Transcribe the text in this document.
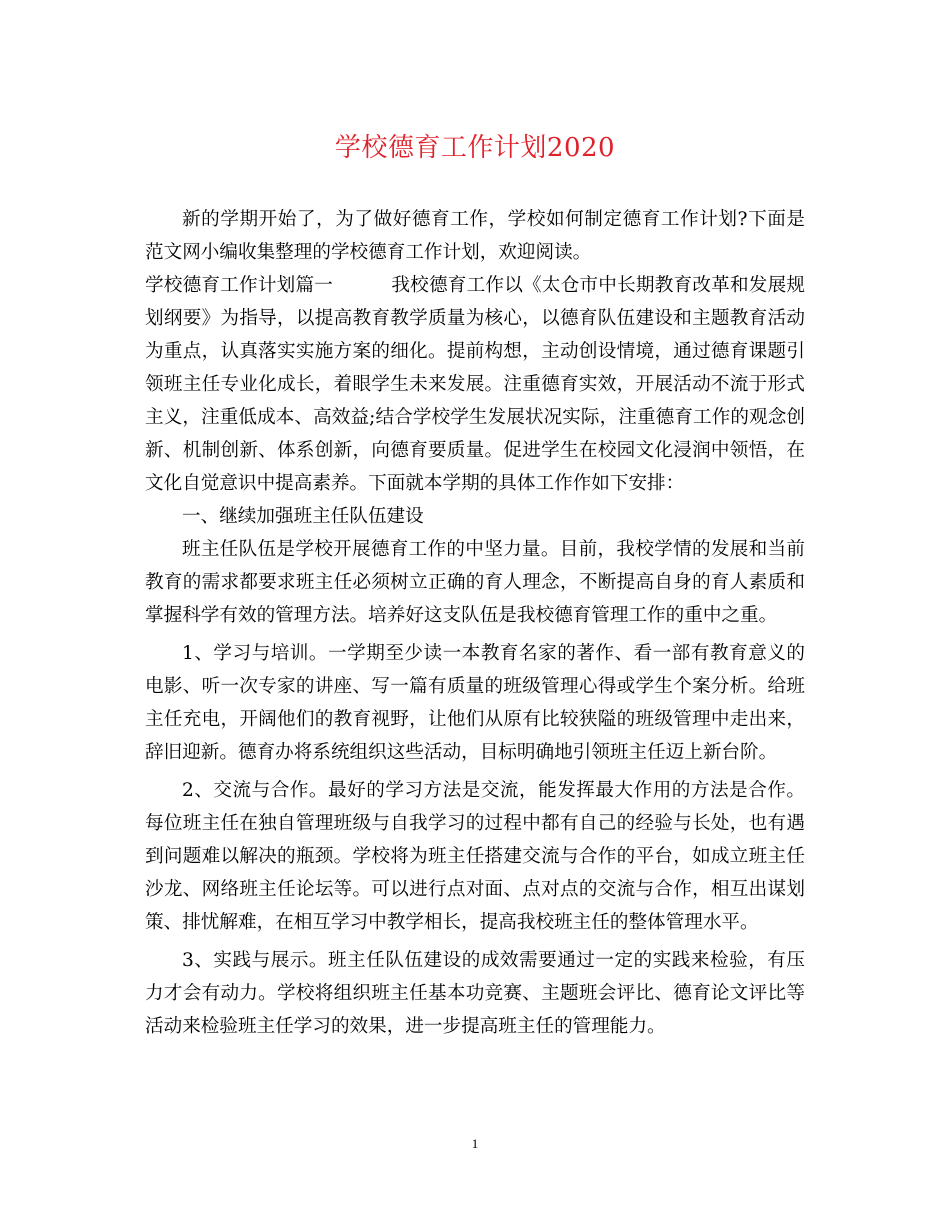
学校德育工作计划2020

新的学期开始了，为了做好德育工作，学校如何制定德育工作计划?下面是范文网小编收集整理的学校德育工作计划，欢迎阅读。

学校德育工作计划篇一	我校德育工作以《太仓市中长期教育改革和发展规划纲要》为指导，以提高教育教学质量为核心，以德育队伍建设和主题教育活动为重点，认真落实实施方案的细化。提前构想，主动创设情境，通过德育课题引领班主任专业化成长，着眼学生未来发展。注重德育实效，开展活动不流于形式主义，注重低成本、高效益;结合学校学生发展状况实际，注重德育工作的观念创新、机制创新、体系创新，向德育要质量。促进学生在校园文化浸润中领悟，在文化自觉意识中提高素养。下面就本学期的具体工作作如下安排：

一、继续加强班主任队伍建设

班主任队伍是学校开展德育工作的中坚力量。目前，我校学情的发展和当前教育的需求都要求班主任必须树立正确的育人理念，不断提高自身的育人素质和掌握科学有效的管理方法。培养好这支队伍是我校德育管理工作的重中之重。

1、学习与培训。一学期至少读一本教育名家的著作、看一部有教育意义的电影、听一次专家的讲座、写一篇有质量的班级管理心得或学生个案分析。给班主任充电，开阔他们的教育视野，让他们从原有比较狭隘的班级管理中走出来，辞旧迎新。德育办将系统组织这些活动，目标明确地引领班主任迈上新台阶。

2、交流与合作。最好的学习方法是交流，能发挥最大作用的方法是合作。每位班主任在独自管理班级与自我学习的过程中都有自己的经验与长处，也有遇到问题难以解决的瓶颈。学校将为班主任搭建交流与合作的平台，如成立班主任沙龙、网络班主任论坛等。可以进行点对面、点对点的交流与合作，相互出谋划策、排忧解难，在相互学习中教学相长，提高我校班主任的整体管理水平。

3、实践与展示。班主任队伍建设的成效需要通过一定的实践来检验，有压力才会有动力。学校将组织班主任基本功竞赛、主题班会评比、德育论文评比等活动来检验班主任学习的效果，进一步提高班主任的管理能力。

1
